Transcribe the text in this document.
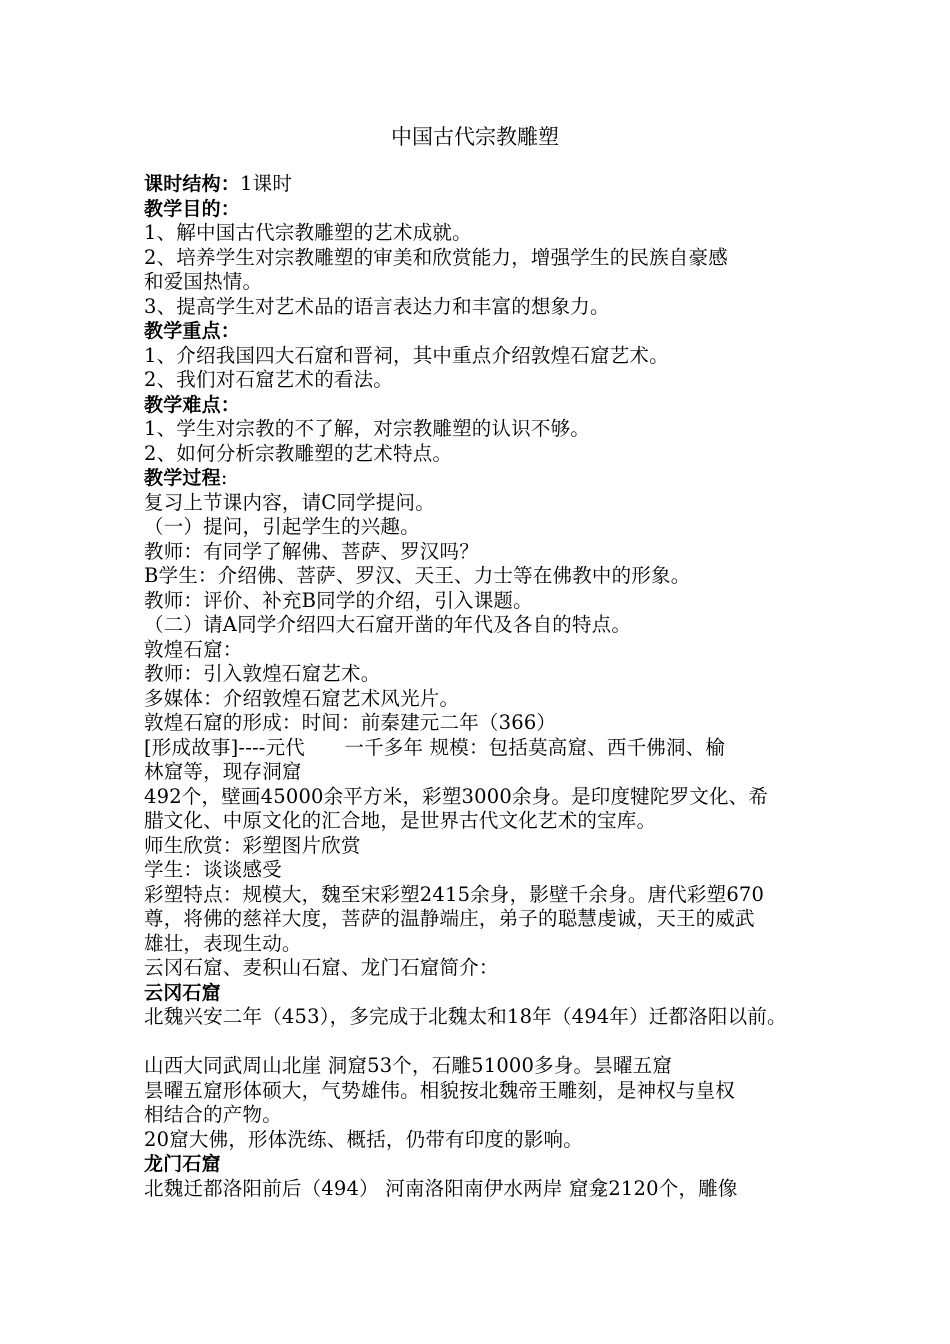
中国古代宗教雕塑
课时结构：1课时
教学目的：
1、解中国古代宗教雕塑的艺术成就。
2、培养学生对宗教雕塑的审美和欣赏能力，增强学生的民族自豪感
和爱国热情。
3、提高学生对艺术品的语言表达力和丰富的想象力。
教学重点：
1、介绍我国四大石窟和晋祠，其中重点介绍敦煌石窟艺术。
2、我们对石窟艺术的看法。
教学难点：
1、学生对宗教的不了解，对宗教雕塑的认识不够。
2、如何分析宗教雕塑的艺术特点。
教学过程:
复习上节课内容，请C同学提问。
（一）提问，引起学生的兴趣。
教师：有同学了解佛、菩萨、罗汉吗？
B学生：介绍佛、菩萨、罗汉、天王、力士等在佛教中的形象。
教师：评价、补充B同学的介绍，引入课题。
（二）请A同学介绍四大石窟开凿的年代及各自的特点。
敦煌石窟：
教师：引入敦煌石窟艺术。
多媒体：介绍敦煌石窟艺术风光片。
敦煌石窟的形成：时间：前秦建元二年（366）
[形成故事]----元代　　一千多年 规模：包括莫高窟、西千佛洞、榆
林窟等，现存洞窟
492个，壁画45000余平方米，彩塑3000余身。是印度犍陀罗文化、希
腊文化、中原文化的汇合地，是世界古代文化艺术的宝库。
师生欣赏：彩塑图片欣赏
学生：谈谈感受
彩塑特点：规模大，魏至宋彩塑2415余身，影壁千余身。唐代彩塑670
尊，将佛的慈祥大度，菩萨的温静端庄，弟子的聪慧虔诚，天王的威武
雄壮，表现生动。
云冈石窟、麦积山石窟、龙门石窟简介：
云冈石窟
北魏兴安二年（453），多完成于北魏太和18年（494年）迁都洛阳以前。
山西大同武周山北崖 洞窟53个，石雕51000多身。昙曜五窟
昙曜五窟形体硕大，气势雄伟。相貌按北魏帝王雕刻，是神权与皇权
相结合的产物。
20窟大佛，形体洗练、概括，仍带有印度的影响。
龙门石窟
北魏迁都洛阳前后（494） 河南洛阳南伊水两岸 窟龛2120个，雕像
